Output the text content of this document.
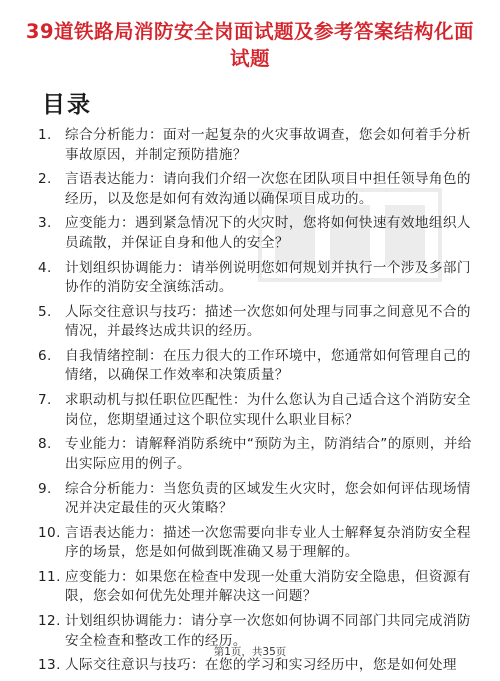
39道铁路局消防安全岗面试题及参考答案结构化面试题
目录
1. 综合分析能力：面对一起复杂的火灾事故调查，您会如何着手分析事故原因，并制定预防措施？
2. 言语表达能力：请向我们介绍一次您在团队项目中担任领导角色的经历，以及您是如何有效沟通以确保项目成功的。
3. 应变能力：遇到紧急情况下的火灾时，您将如何快速有效地组织人员疏散，并保证自身和他人的安全？
4. 计划组织协调能力：请举例说明您如何规划并执行一个涉及多部门协作的消防安全演练活动。
5. 人际交往意识与技巧：描述一次您如何处理与同事之间意见不合的情况，并最终达成共识的经历。
6. 自我情绪控制：在压力很大的工作环境中，您通常如何管理自己的情绪，以确保工作效率和决策质量？
7. 求职动机与拟任职位匹配性：为什么您认为自己适合这个消防安全岗位，您期望通过这个职位实现什么职业目标？
8. 专业能力：请解释消防系统中“预防为主，防消结合”的原则，并给出实际应用的例子。
9. 综合分析能力：当您负责的区域发生火灾时，您会如何评估现场情况并决定最佳的灭火策略？
10. 言语表达能力：描述一次您需要向非专业人士解释复杂消防安全程序的场景，您是如何做到既准确又易于理解的。
11. 应变能力：如果您在检查中发现一处重大消防安全隐患，但资源有限，您会如何优先处理并解决这一问题？
12. 计划组织协调能力：请分享一次您如何协调不同部门共同完成消防安全检查和整改工作的经历。
13. 人际交往意识与技巧：在您的学习和实习经历中，您是如何处理
第1页，共35页
